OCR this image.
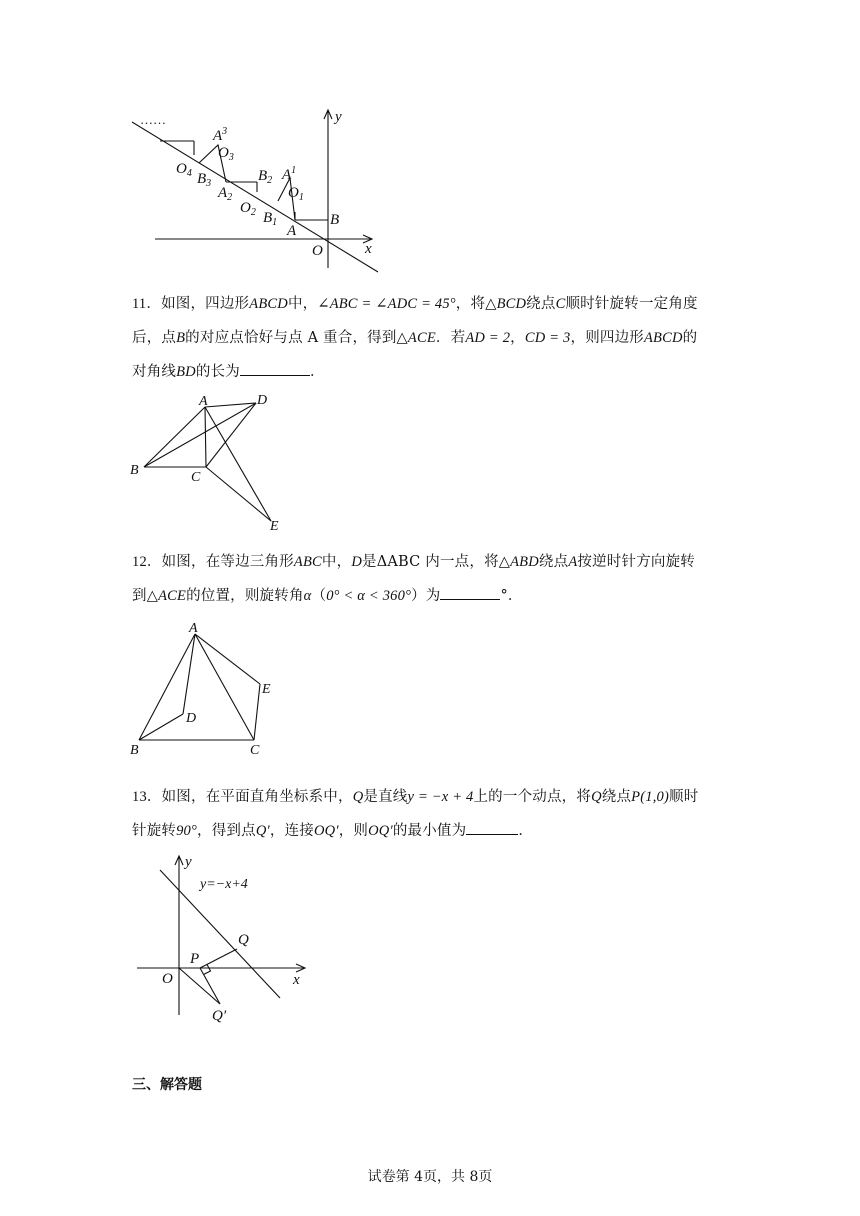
……	y
x
O
A
B
$A^1$
$O_1$
$B_1$
$O_2$
$B_2$
$A_2$
$A^3$
$O_3$
$B_3$
$O_4$

11．如图，四边形ABCD中，∠ABC = ∠ADC = 45°，将△BCD绕点C顺时针旋转一定角度

后，点B的对应点恰好与点 A 重合，得到△ACE．若AD = 2，CD = 3，则四边形ABCD的

对角线BD的长为	．

A	D
B	C
E

12．如图，在等边三角形ABC中，D是ΔABC 内一点，将△ABD绕点A按逆时针方向旋转

到△ACE的位置，则旋转角α（0° < α < 360°）为	°．

A
B	C
D
E

13．如图，在平面直角坐标系中，Q是直线y = −x + 4上的一个动点，将Q绕点P(1,0)顺时

针旋转90°，得到点Q′，连接OQ′，则OQ′的最小值为	．

y
x
y=−x+4
Q
P
O
Q′
三、解答题
试卷第 4页，共 8页
